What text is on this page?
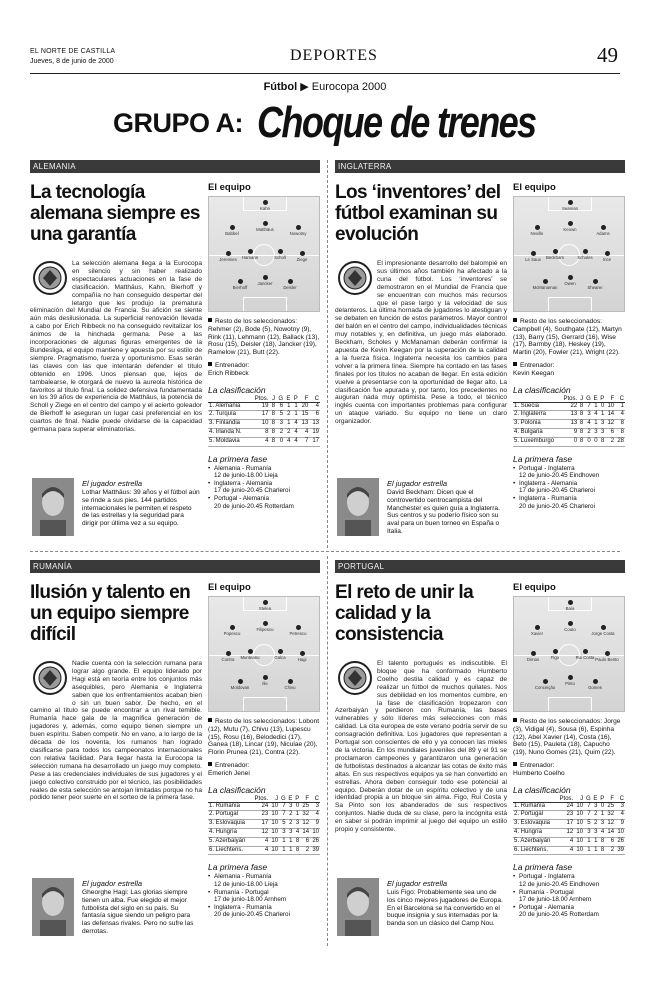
EL NORTE DE CASTILLA
Jueves, 8 de junio de 2000	DEPORTES	49
Fútbol ▶ Eurocopa 2000
GRUPO A: Choque de trenes
ALEMANIA
La tecnología alemana siempre es una garantía
La selección alemana llega a la Eurocopa en silencio y sin haber realizado espectaculares actuaciones en la fase de clasificación. Matthäus, Kahn, Bierhoff y compañía no han conseguido despertar del letargo que les produjo la prematura eliminación del Mundial de Francia. Su afición se siente aún más desilusionada. La superficial renovación llevada a cabo por Erich Ribbeck no ha conseguido revitalizar los ánimos de la hinchada germana. Pese a las incorporaciones de algunas figuras emergentes de la Bundesliga, el equipo mantiene y apuesta por su estilo de siempre. Pragmatismo, fuerza y oportunismo. Esas serán las claves con las que intentarán defender el título obtenido en 1996. Unos piensan que, lejos de tambalearse, le otorgará de nuevo la aureola histórica de favoritos al título final. La solidez defensiva fundamentada en los 39 años de experiencia de Matthäus, la potencia de Scholl y Ziege en el centro del campo y el acierto goleador de Bierhoff le aseguran un lugar casi preferencial en los cuartos de final. Nadie puede olvidarse de la capacidad germana para superar eliminatorias.
El jugador estrella
Lothar Matthäus: 39 años y el fútbol aún se rinde a sus pies. 144 partidos internacionales le permiten el respeto de las estrellas y la seguridad para dirigir por última vez a su equipo.
El equipo
Kahn
Babbel
Matthäus
Nowotny
Jeremies	Hamann	Scholl	Ziege
Bierhoff
Jancker
Deisler
Resto de los seleccionados: Rehmer (2), Bode (5), Nowotny (9), Rink (11), Lehmann (12), Ballack (13), Rosu (15), Deisler (18), Jancker (19), Ramelow (21), Butt (22).
Entrenador:
Erich Ribbeck
La clasificación
	Ptos.	J	G	E	P	F	C
1. Alemania	19	8	6	1	1	20	4
2. Turquía	17	8	5	2	1	15	6
3. Finlandia	10	8	3	1	4	13	13
4. Irlanda N.	8	8	2	2	4	4	19
5. Moldavia	4	8	0	4	4	7	17
La primera fase
• Alemania - Rumanía
12 de junio-18.00 Lieja
• Inglaterra - Alemania
17 de junio-20.45 Charleroi
• Portugal - Alemania
20 de junio-20.45 Rotterdam
INGLATERRA
Los ‘inventores’ del fútbol examinan su evolución
El impresionante desarrollo del balompié en sus últimos años también ha afectado a la cuna del fútbol. Los ‘inventores’ se demostraron en el Mundial de Francia que se encuentran con muchos más recursos que el pase largo y la velocidad de sus delanteros. La última hornada de jugadores lo atestiguan y se debaten en función de estos parámetros. Mayor control del balón en el centro del campo, individualidades técnicas muy notables y, en definitiva, un juego más elaborado. Beckham, Scholes y McManaman deberán confirmar la apuesta de Kevin Keegan por la superación de la calidad a la fuerza física. Inglaterra necesita los cambios para volver a la primera línea. Siempre ha contado en las fases finales por los títulos no acaban de llegar. En esta edición vuelve a presentarse con la oportunidad de llegar alto. La clasificación fue apurada y, por tanto, los precedentes no auguran nada muy optimista. Pese a todo, el técnico inglés cuenta con importantes problemas para configurar un ataque variado. Su equipo no tiene un claro organizador.
El jugador estrella
David Beckham: Dicen que el controvertido centrocampista del Manchester es quien guía a Inglaterra. Sus centros y su poderío físico son su aval para un buen torneo en España o Italia.
El equipo
Seaman
Neville
Keown
Adams
Le Saux	Beckham	Scholes	Ince
McManaman
Owen
Shearer
Resto de los seleccionados: Campbell (4), Southgate (12), Martyn (13), Barry (15), Gerrard (16), Wise (17), Barmby (18), Heskey (19), Martin (20), Fowler (21), Wright (22).
Entrenador:
Kevin Keegan
La clasificación
	Ptos.	J	G	E	P	F	C
1. Suecia	22	8	7	1	0	10	1
2. Inglaterra	13	8	3	4	1	14	4
3. Polonia	13	8	4	1	3	12	8
4. Bulgaria	9	8	2	3	3	6	8
5. Luxemburgo	0	8	0	0	8	2	28
La primera fase
• Portugal - Inglaterra
12 de junio-20.45 Eindhoven
• Inglaterra - Alemania
17 de junio-20.45 Charleroi
• Inglaterra - Rumanía
20 de junio-20.45 Charleroi
RUMANÍA
Ilusión y talento en un equipo siempre difícil
Nadie cuenta con la selección rumana para lograr algo grande. El equipo liderado por Hagi está en teoría entre los conjuntos más asequibles, pero Alemania e Inglaterra saben que los enfrentamientos acaban bien o sin un buen sabor. De hecho, en el camino al título se puede encontrar a un rival temible. Rumanía hace gala de la magnífica generación de jugadores y, además, como equipo tienen siempre un buen espíritu. Saben competir. No en vano, a lo largo de la década de los noventa, los rumanos han logrado clasificarse para todos los campeonatos internacionales con relativa facilidad. Para llegar hasta la Eurocopa la selección rumana ha desarrollado un juego muy completo. Pese a las credenciales individuales de sus jugadores y el juego colectivo construido por el técnico, las posibilidades reales de esta selección se antojan limitadas porque no ha podido tener peor suerte en el sorteo de la primera fase.
El jugador estrella
Gheorghe Hagi: Las glorias siempre tienen un alba. Fue elegido el mejor futbolista del siglo en su país. Su fantasía sigue siendo un peligro para las defensas rivales. Pero no sufre las derrotas.
El equipo
Stelea
Popescu
Filipescu
Petrescu
Contra	Munteanu	Galca	Hagi
Moldovan
Ilie
Chivu
Resto de los seleccionados: Lobont (12), Mutu (7), Chivu (13), Lupescu (15), Rosu (16), Belodedici (17), Ganea (18), Lincar (19), Niculae (20), Florin Prunea (21), Contra (22).
Entrenador:
Emerich Jenei
La clasificación
	Ptos.	J	G	E	P	F	C
1. Rumanía	24	10	7	3	0	25	3
2. Portugal	23	10	7	2	1	32	4
3. Eslovaquia	17	10	5	2	3	12	9
4. Hungría	12	10	3	3	4	14	10
5. Azerbaiyán	4	10	1	1	8	6	26
6. Liechtens.	4	10	1	1	8	2	39
La primera fase
• Alemania - Rumanía
12 de junio-18.00 Lieja
• Rumanía - Portugal
17 de junio-18.00 Arnhem
• Inglaterra - Rumanía
20 de junio-20.45 Charleroi
PORTUGAL
El reto de unir la calidad y la consistencia
El talento portugués es indiscutible. El bloque que ha conformado Humberto Coelho destila calidad y es capaz de realizar un fútbol de muchos quilates. Nos sus debilidad en los momentos cumbre, en la fase de clasificación tropezaron con Azerbaiyán y perdieron con Rumanía, las bases vulnerables y sólo líderes más selecciones con más calidad. La cita europea de este verano podría servir de su consagración definitiva. Los jugadores que representan a Portugal son conscientes de ello y ya conocen las mieles de la victoria. En los mundiales juveniles del 89 y el 91 se proclamaron campeones y garantizaron una generación de futbolistas destinados a alcanzar las cotas de éxito más altas. En sus respectivos equipos ya se han convertido en estrellas. Ahora deben conseguir todo ese potencial al equipo. Deberán dotar de un espíritu colectivo y de una identidad propia a un bloque sin alma. Figo, Rui Costa y Sa Pinto son los abanderados de sus respectivos conjuntos. Nadie duda de su clase, pero la incógnita está en saber si podrán imprimir al juego del equipo un estilo propio y consistente.
El jugador estrella
Luis Figo: Probablemente sea uno de los cinco mejores jugadores de Europa. En el Barcelona se ha convertido en el buque insignia y sus internadas por la banda son un clásico del Camp Nou.
El equipo
Baía
Xavier
Couto
Jorge Costa
Dimas	Figo	Rui Costa Paulo Bento
Conceição
Pinto
Gomes
Resto de los seleccionados: Jorge (3), Vidigal (4), Sousa (6), Espinha (12), Abel Xavier (14), Costa (16), Beto (15), Pauleta (18), Capucho (19), Nuno Gomes (21), Quim (22).
Entrenador:
Humberto Coelho
La clasificación
	Ptos.	J	G	E	P	F	C
1. Rumanía	24	10	7	3	0	25	3
2. Portugal	23	10	7	2	1	32	4
3. Eslovaquia	17	10	5	2	3	12	9
4. Hungría	12	10	3	3	4	14	10
5. Azerbaiyán	4	10	1	1	8	6	26
6. Liechtens.	4	10	1	1	8	2	39
La primera fase
• Portugal - Inglaterra
12 de junio-20.45 Eindhoven
• Rumanía - Portugal
17 de junio-18.00 Arnhem
• Portugal - Alemania
20 de junio-20.45 Rotterdam
